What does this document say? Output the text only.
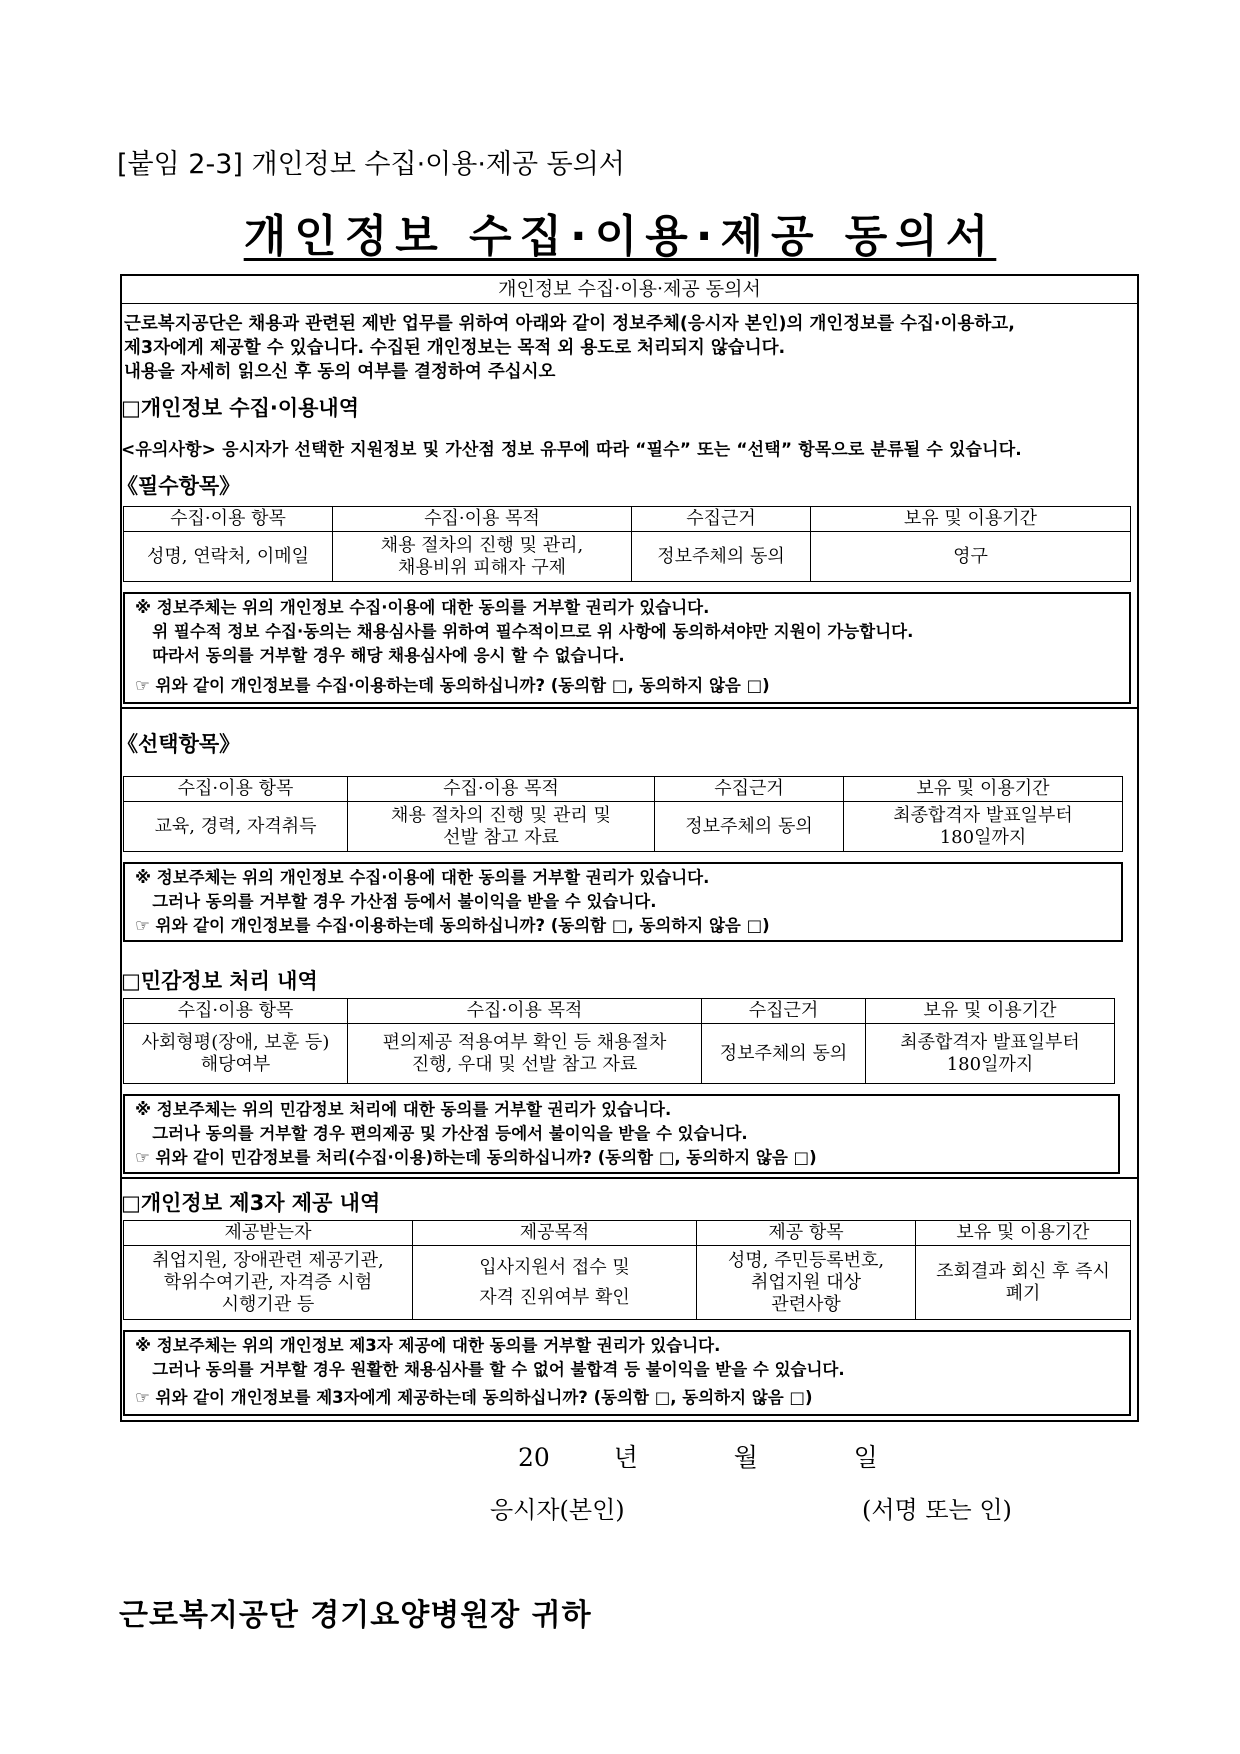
[붙임 2-3] 개인정보 수집·이용·제공 동의서
개인정보 수집·이용·제공 동의서
개인정보 수집·이용·제공 동의서
근로복지공단은 채용과 관련된 제반 업무를 위하여 아래와 같이 정보주체(응시자 본인)의 개인정보를 수집·이용하고,
제3자에게 제공할 수 있습니다. 수집된 개인정보는 목적 외 용도로 처리되지 않습니다.
내용을 자세히 읽으신 후 동의 여부를 결정하여 주십시오
□개인정보 수집·이용내역
<유의사항> 응시자가 선택한 지원정보 및 가산점 정보 유무에 따라 “필수” 또는 “선택” 항목으로 분류될 수 있습니다.
《필수항목》
수집·이용 항목	수집·이용 목적	수집근거	보유 및 이용기간
성명, 연락처, 이메일	채용 절차의 진행 및 관리,
채용비위 피해자 구제	정보주체의 동의	영구
※ 정보주체는 위의 개인정보 수집·이용에 대한 동의를 거부할 권리가 있습니다.
위 필수적 정보 수집·동의는 채용심사를 위하여 필수적이므로 위 사항에 동의하셔야만 지원이 가능합니다.
따라서 동의를 거부할 경우 해당 채용심사에 응시 할 수 없습니다.
☞ 위와 같이 개인정보를 수집·이용하는데 동의하십니까? (동의함 □, 동의하지 않음 □)
《선택항목》
수집·이용 항목	수집·이용 목적	수집근거	보유 및 이용기간
교육, 경력, 자격취득	채용 절차의 진행 및 관리 및
선발 참고 자료	정보주체의 동의	최종합격자 발표일부터
180일까지
※ 정보주체는 위의 개인정보 수집·이용에 대한 동의를 거부할 권리가 있습니다.
그러나 동의를 거부할 경우 가산점 등에서 불이익을 받을 수 있습니다.
☞ 위와 같이 개인정보를 수집·이용하는데 동의하십니까? (동의함 □, 동의하지 않음 □)
□민감정보 처리 내역
수집·이용 항목	수집·이용 목적	수집근거	보유 및 이용기간
사회형평(장애, 보훈 등)
해당여부	편의제공 적용여부 확인 등 채용절차
진행, 우대 및 선발 참고 자료	정보주체의 동의	최종합격자 발표일부터
180일까지
※ 정보주체는 위의 민감정보 처리에 대한 동의를 거부할 권리가 있습니다.
그러나 동의를 거부할 경우 편의제공 및 가산점 등에서 불이익을 받을 수 있습니다.
☞ 위와 같이 민감정보를 처리(수집·이용)하는데 동의하십니까? (동의함 □, 동의하지 않음 □)
□개인정보 제3자 제공 내역
제공받는자	제공목적	제공 항목	보유 및 이용기간
취업지원, 장애관련 제공기관,
학위수여기관, 자격증 시험
시행기관 등	입사지원서 접수 및
자격 진위여부 확인	성명, 주민등록번호,
취업지원 대상
관련사항	조회결과 회신 후 즉시
폐기
※ 정보주체는 위의 개인정보 제3자 제공에 대한 동의를 거부할 권리가 있습니다.
그러나 동의를 거부할 경우 원활한 채용심사를 할 수 없어 불합격 등 불이익을 받을 수 있습니다.
☞ 위와 같이 개인정보를 제3자에게 제공하는데 동의하십니까? (동의함 □, 동의하지 않음 □)
20  년   월   일
응시자(본인)	(서명 또는 인)
근로복지공단 경기요양병원장 귀하
